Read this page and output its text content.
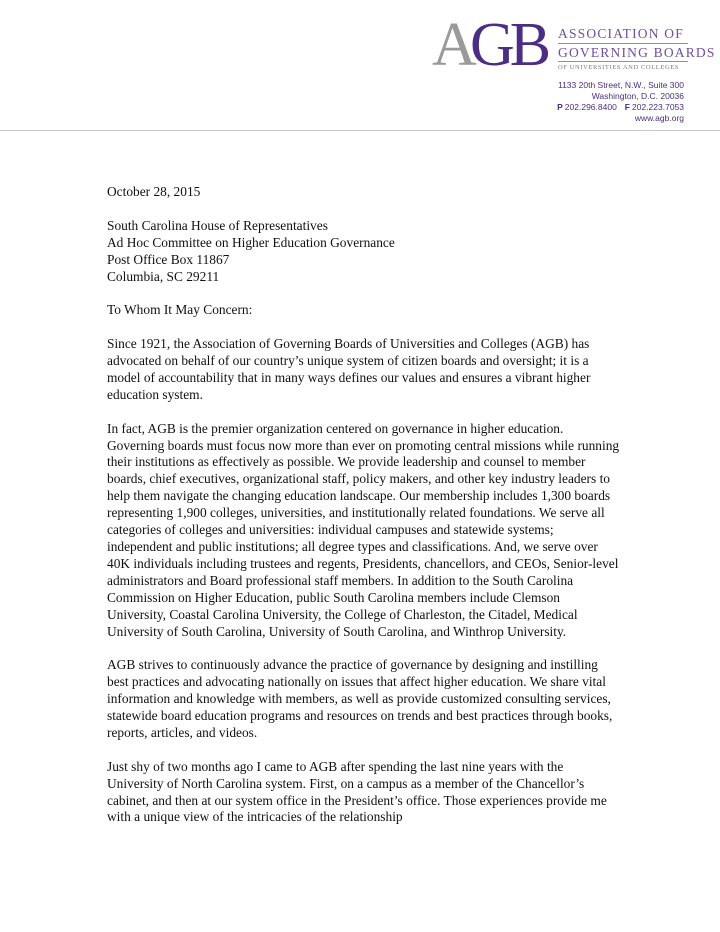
A
GB ASSOCIATION OF
GOVERNING BOARDS
OF UNIVERSITIES AND COLLEGES
1133 20th Street, N.W., Suite 300
Washington, D.C. 20036
P 202.296.8400 F 202.223.7053
www.agb.org

October 28, 2015

South Carolina House of Representatives
Ad Hoc Committee on Higher Education Governance
Post Office Box 11867
Columbia, SC 29211

To Whom It May Concern:

Since 1921, the Association of Governing Boards of Universities and Colleges (AGB) has advocated on behalf of our country’s unique system of citizen boards and oversight; it is a model of accountability that in many ways defines our values and ensures a vibrant higher education system.

In fact, AGB is the premier organization centered on governance in higher education. Governing boards must focus now more than ever on promoting central missions while running their institutions as effectively as possible. We provide leadership and counsel to member boards, chief executives, organizational staff, policy makers, and other key industry leaders to help them navigate the changing education landscape. Our membership includes 1,300 boards representing 1,900 colleges, universities, and institutionally related foundations. We serve all categories of colleges and universities: individual campuses and statewide systems; independent and public institutions; all degree types and classifications. And, we serve over 40K individuals including trustees and regents, Presidents, chancellors, and CEOs, Senior-level administrators and Board professional staff members. In addition to the South Carolina Commission on Higher Education, public South Carolina members include Clemson University, Coastal Carolina University, the College of Charleston, the Citadel, Medical University of South Carolina, University of South Carolina, and Winthrop University.

AGB strives to continuously advance the practice of governance by designing and instilling best practices and advocating nationally on issues that affect higher education. We share vital information and knowledge with members, as well as provide customized consulting services, statewide board education programs and resources on trends and best practices through books, reports, articles, and videos.

Just shy of two months ago I came to AGB after spending the last nine years with the University of North Carolina system. First, on a campus as a member of the Chancellor’s cabinet, and then at our system office in the President’s office. Those experiences provide me with a unique view of the intricacies of the relationship
